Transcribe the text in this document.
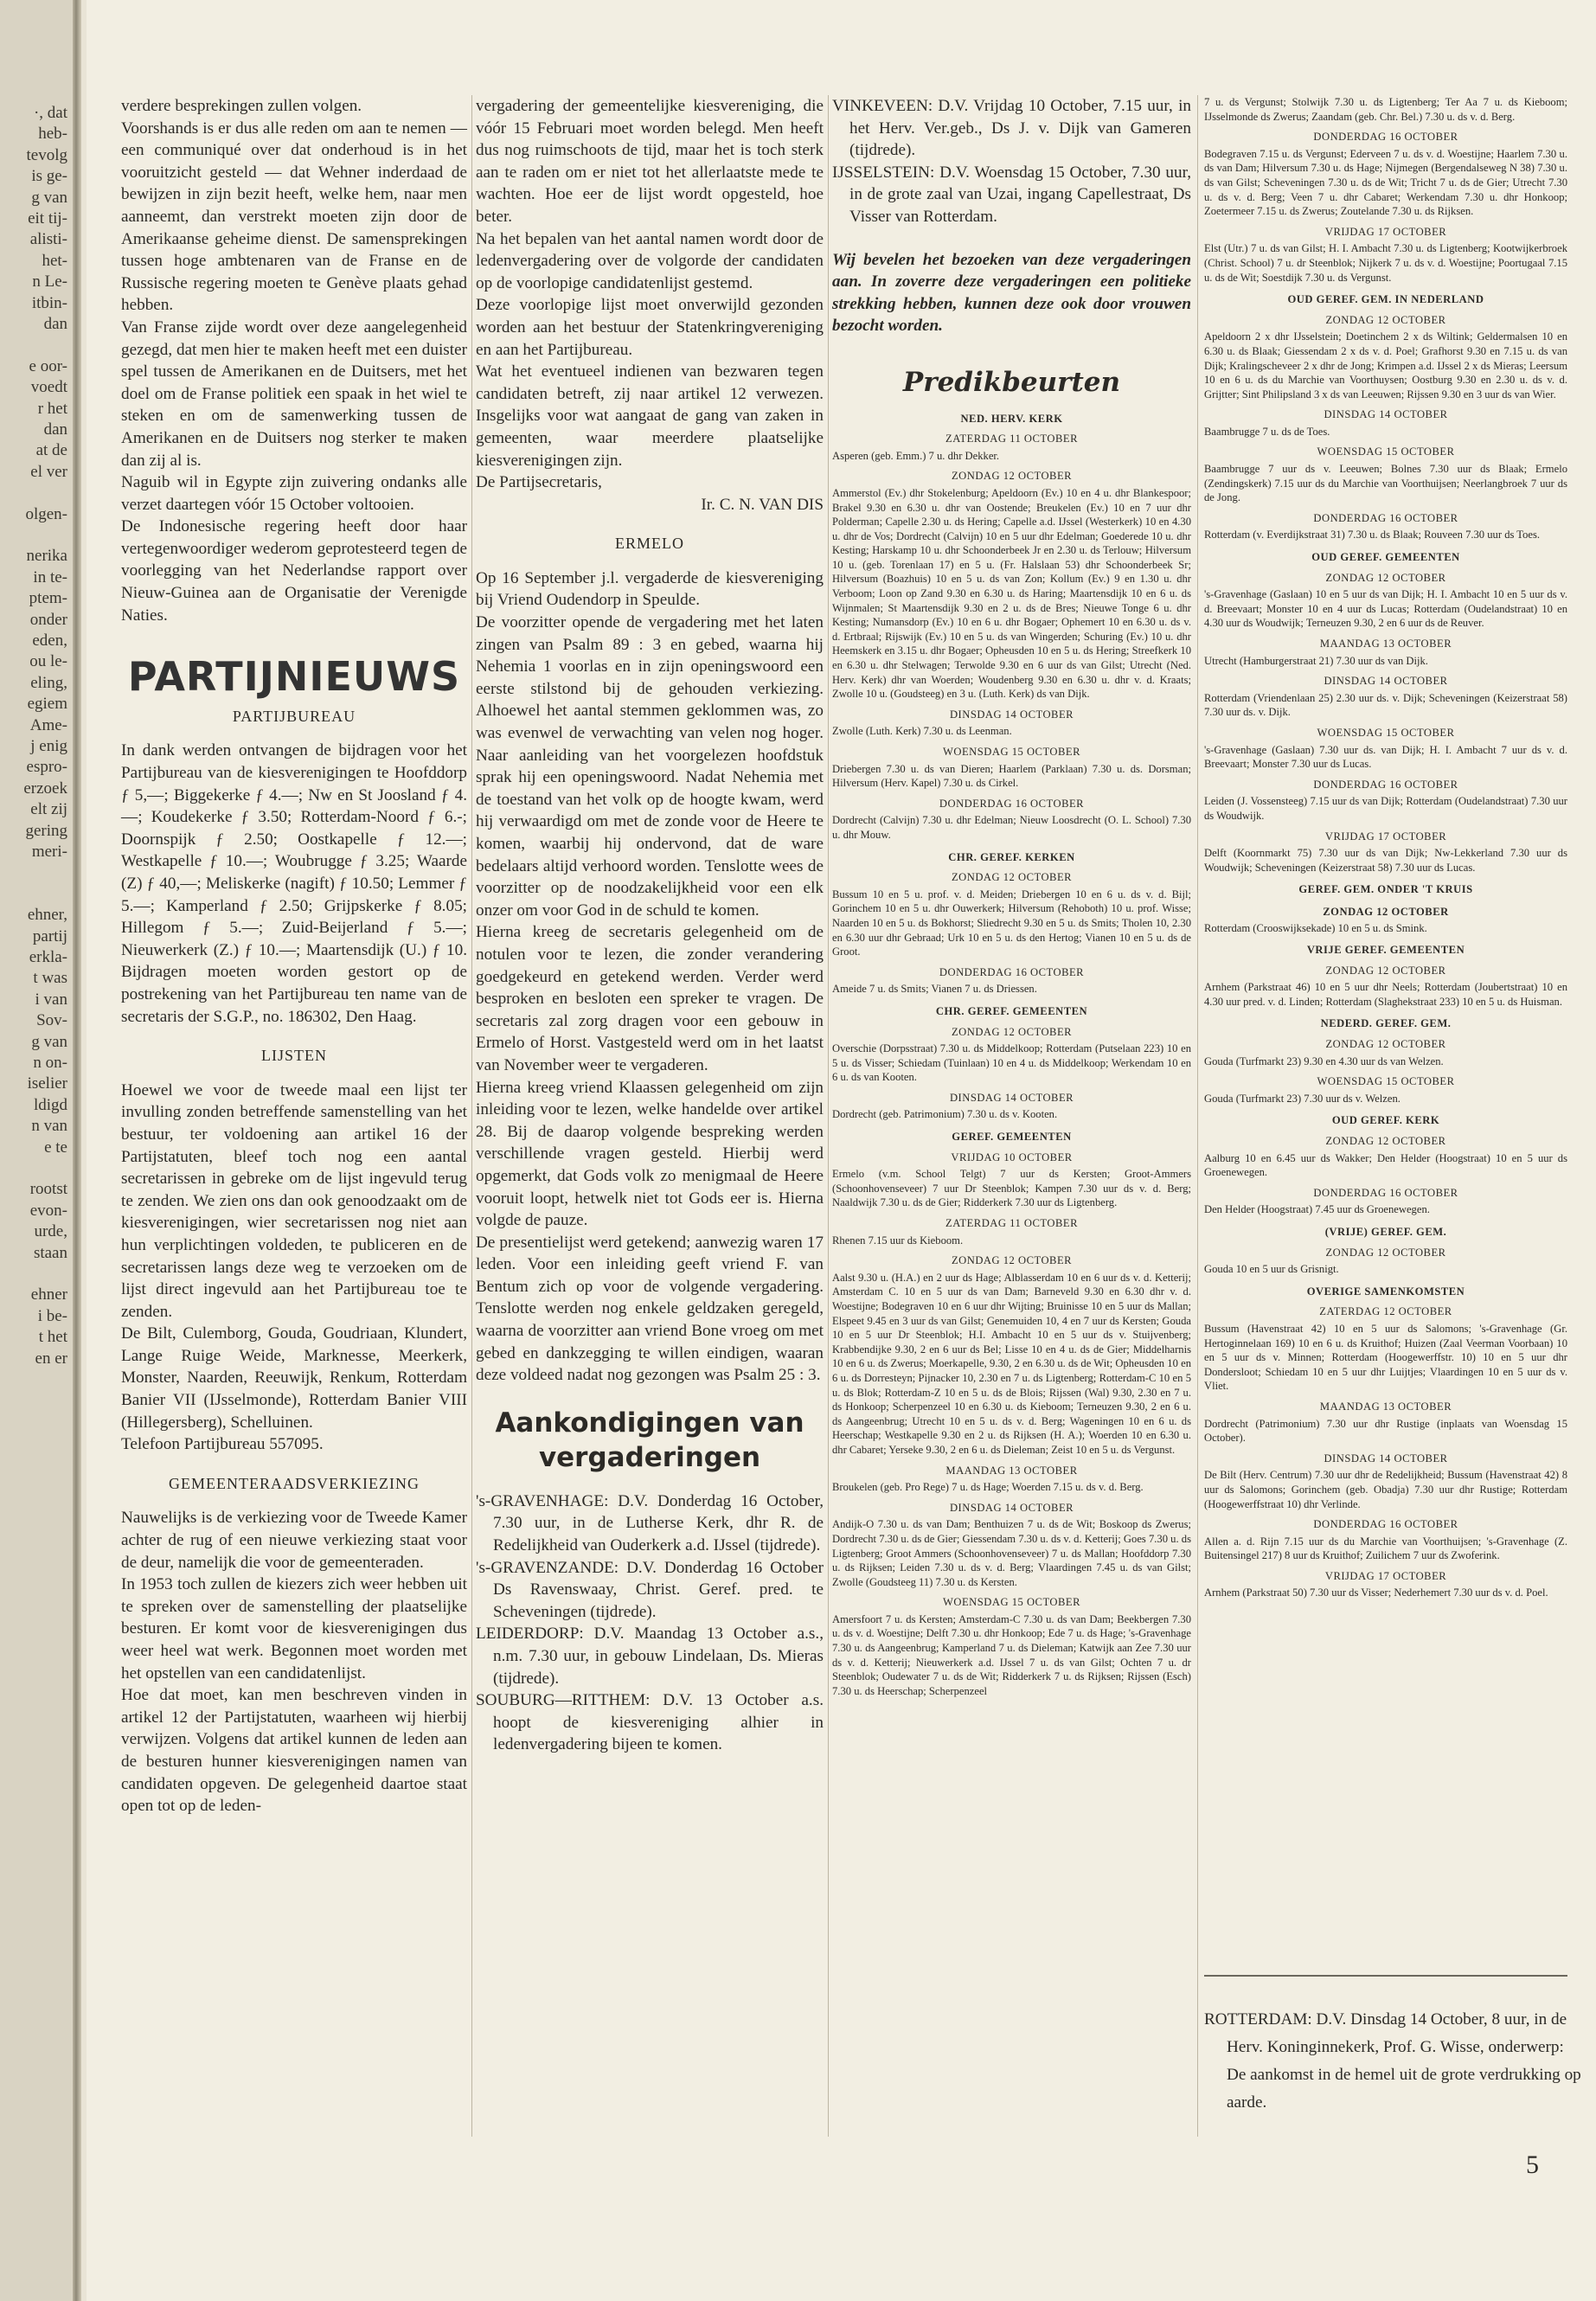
·, dat
heb-
tevolg
is ge-
g van
eit tij-
alisti-
het-
n Le-
itbin-
dan
e oor-
voedt
r het
dan
at de
el ver
olgen-
nerika
in te-
ptem-
onder
eden,
ou le-
eling,
egiem
Ame-
j enig
espro-
erzoek
elt zij
gering
meri-
ehner,
partij
erkla-
t was
i van
Sov-
g van
n on-
iselier
ldigd
n van
e te
rootst
evon-
urde,
staan
ehner
i be-
t het
en er

verdere besprekingen zullen volgen.

Voorshands is er dus alle reden om aan te nemen — een communiqué over dat onderhoud is in het vooruitzicht gesteld — dat Wehner inderdaad de bewijzen in zijn bezit heeft, welke hem, naar men aanneemt, dan verstrekt moeten zijn door de Amerikaanse geheime dienst. De samensprekingen tussen hoge ambtenaren van de Franse en de Russische regering moeten te Genève plaats gehad hebben.

Van Franse zijde wordt over deze aangelegenheid gezegd, dat men hier te maken heeft met een duister spel tussen de Amerikanen en de Duitsers, met het doel om de Franse politiek een spaak in het wiel te steken en om de samenwerking tussen de Amerikanen en de Duitsers nog sterker te maken dan zij al is.

Naguib wil in Egypte zijn zuivering ondanks alle verzet daartegen vóór 15 October voltooien.

De Indonesische regering heeft door haar vertegenwoordiger wederom geprotesteerd tegen de voorlegging van het Nederlandse rapport over Nieuw-Guinea aan de Organisatie der Verenigde Naties.

PARTIJNIEUWS
PARTIJBUREAU

In dank werden ontvangen de bijdragen voor het Partijbureau van de kiesverenigingen te Hoofddorp ƒ 5,—; Biggekerke ƒ 4.—; Nw en St Joosland ƒ 4.—; Koudekerke ƒ 3.50; Rotterdam-Noord ƒ 6.-; Doornspijk ƒ 2.50; Oostkapelle ƒ 12.—; Westkapelle ƒ 10.—; Woubrugge ƒ 3.25; Waarde (Z) ƒ 40,—; Meliskerke (nagift) ƒ 10.50; Lemmer ƒ 5.—; Kamperland ƒ 2.50; Grijpskerke ƒ 8.05; Hillegom ƒ 5.—; Zuid-Beijerland ƒ 5.—; Nieuwerkerk (Z.) ƒ 10.—; Maartensdijk (U.) ƒ 10. Bijdragen moeten worden gestort op de postrekening van het Partijbureau ten name van de secretaris der S.G.P., no. 186302, Den Haag.

LIJSTEN

Hoewel we voor de tweede maal een lijst ter invulling zonden betreffende samenstelling van het bestuur, ter voldoening aan artikel 16 der Partijstatuten, bleef toch nog een aantal secretarissen in gebreke om de lijst ingevuld terug te zenden. We zien ons dan ook genoodzaakt om de kiesverenigingen, wier secretarissen nog niet aan hun verplichtingen voldeden, te publiceren en de secretarissen langs deze weg te verzoeken om de lijst direct ingevuld aan het Partijbureau toe te zenden.

De Bilt, Culemborg, Gouda, Goudriaan, Klundert, Lange Ruige Weide, Marknesse, Meerkerk, Monster, Naarden, Reeuwijk, Renkum, Rotterdam Banier VII (IJsselmonde), Rotterdam Banier VIII (Hillegersberg), Schelluinen.

Telefoon Partijbureau 557095.

GEMEENTERAADSVERKIEZING

Nauwelijks is de verkiezing voor de Tweede Kamer achter de rug of een nieuwe verkiezing staat voor de deur, namelijk die voor de gemeenteraden.

In 1953 toch zullen de kiezers zich weer hebben uit te spreken over de samenstelling der plaatselijke besturen. Er komt voor de kiesverenigingen dus weer heel wat werk. Begonnen moet worden met het opstellen van een candidatenlijst.

Hoe dat moet, kan men beschreven vinden in artikel 12 der Partijstatuten, waarheen wij hierbij verwijzen. Volgens dat artikel kunnen de leden aan de besturen hunner kiesverenigingen namen van candidaten opgeven. De gelegenheid daartoe staat open tot op de leden-

vergadering der gemeentelijke kiesvereniging, die vóór 15 Februari moet worden belegd. Men heeft dus nog ruimschoots de tijd, maar het is toch sterk aan te raden om er niet tot het allerlaatste mede te wachten. Hoe eer de lijst wordt opgesteld, hoe beter.

Na het bepalen van het aantal namen wordt door de ledenvergadering over de volgorde der candidaten op de voorlopige candidatenlijst gestemd.

Deze voorlopige lijst moet onverwijld gezonden worden aan het bestuur der Statenkringvereniging en aan het Partijbureau.

Wat het eventueel indienen van bezwaren tegen candidaten betreft, zij naar artikel 12 verwezen. Insgelijks voor wat aangaat de gang van zaken in gemeenten, waar meerdere plaatselijke kiesverenigingen zijn.

De Partijsecretaris,

Ir. C. N. VAN DIS

ERMELO

Op 16 September j.l. vergaderde de kiesvereniging bij Vriend Oudendorp in Speulde.

De voorzitter opende de vergadering met het laten zingen van Psalm 89 : 3 en gebed, waarna hij Nehemia 1 voorlas en in zijn openingswoord een eerste stilstond bij de gehouden verkiezing. Alhoewel het aantal stemmen geklommen was, zo was evenwel de verwachting van velen nog hoger. Naar aanleiding van het voorgelezen hoofdstuk sprak hij een openingswoord. Nadat Nehemia met de toestand van het volk op de hoogte kwam, werd hij verwaardigd om met de zonde voor de Heere te komen, waarbij hij ondervond, dat de ware bedelaars altijd verhoord worden. Tenslotte wees de voorzitter op de noodzakelijkheid voor een elk onzer om voor God in de schuld te komen.

Hierna kreeg de secretaris gelegenheid om de notulen voor te lezen, die zonder verandering goedgekeurd en getekend werden. Verder werd besproken en besloten een spreker te vragen. De secretaris zal zorg dragen voor een gebouw in Ermelo of Horst. Vastgesteld werd om in het laatst van November weer te vergaderen.

Hierna kreeg vriend Klaassen gelegenheid om zijn inleiding voor te lezen, welke handelde over artikel 28. Bij de daarop volgende bespreking werden verschillende vragen gesteld. Hierbij werd opgemerkt, dat Gods volk zo menigmaal de Heere vooruit loopt, hetwelk niet tot Gods eer is. Hierna volgde de pauze.

De presentielijst werd getekend; aanwezig waren 17 leden. Voor een inleiding geeft vriend F. van Bentum zich op voor de volgende vergadering. Tenslotte werden nog enkele geldzaken geregeld, waarna de voorzitter aan vriend Bone vroeg om met gebed en dankzegging te willen eindigen, waaran deze voldeed nadat nog gezongen was Psalm 25 : 3.

Aankondigingen van vergaderingen

's-GRAVENHAGE: D.V. Donderdag 16 October, 7.30 uur, in de Lutherse Kerk, dhr R. de Redelijkheid van Ouderkerk a.d. IJssel (tijdrede).

's-GRAVENZANDE: D.V. Donderdag 16 October Ds Ravenswaay, Christ. Geref. pred. te Scheveningen (tijdrede).

LEIDERDORP: D.V. Maandag 13 October a.s., n.m. 7.30 uur, in gebouw Lindelaan, Ds. Mieras (tijdrede).

SOUBURG—RITTHEM: D.V. 13 October a.s. hoopt de kiesvereniging alhier in ledenvergadering bijeen te komen.

VINKEVEEN: D.V. Vrijdag 10 October, 7.15 uur, in het Herv. Ver.geb., Ds J. v. Dijk van Gameren (tijdrede).

IJSSELSTEIN: D.V. Woensdag 15 October, 7.30 uur, in de grote zaal van Uzai, ingang Capellestraat, Ds Visser van Rotterdam.

Wij bevelen het bezoeken van deze vergaderingen aan. In zoverre deze vergaderingen een politieke strekking hebben, kunnen deze ook door vrouwen bezocht worden.

Predikbeurten
NED. HERV. KERK
ZATERDAG 11 OCTOBER

Asperen (geb. Emm.) 7 u. dhr Dekker.

ZONDAG 12 OCTOBER

Ammerstol (Ev.) dhr Stokelenburg; Apeldoorn (Ev.) 10 en 4 u. dhr Blankespoor; Brakel 9.30 en 6.30 u. dhr van Oostende; Breukelen (Ev.) 10 en 7 uur dhr Polderman; Capelle 2.30 u. ds Hering; Capelle a.d. IJssel (Westerkerk) 10 en 4.30 u. dhr de Vos; Dordrecht (Calvijn) 10 en 5 uur dhr Edelman; Goederede 10 u. dhr Kesting; Harskamp 10 u. dhr Schoonderbeek Jr en 2.30 u. ds Terlouw; Hilversum 10 u. (geb. Torenlaan 17) en 5 u. (Fr. Halslaan 53) dhr Schoonderbeek Sr; Hilversum (Boazhuis) 10 en 5 u. ds van Zon; Kollum (Ev.) 9 en 1.30 u. dhr Verboom; Loon op Zand 9.30 en 6.30 u. ds Haring; Maartensdijk 10 en 6 u. ds Wijnmalen; St Maartensdijk 9.30 en 2 u. ds de Bres; Nieuwe Tonge 6 u. dhr Kesting; Numansdorp (Ev.) 10 en 6 u. dhr Bogaer; Ophemert 10 en 6.30 u. ds v. d. Ertbraal; Rijswijk (Ev.) 10 en 5 u. ds van Wingerden; Schuring (Ev.) 10 u. dhr Heemskerk en 3.15 u. dhr Bogaer; Opheusden 10 en 5 u. ds Hering; Streefkerk 10 en 6.30 u. dhr Stelwagen; Terwolde 9.30 en 6 uur ds van Gilst; Utrecht (Ned. Herv. Kerk) dhr van Woerden; Woudenberg 9.30 en 6.30 u. dhr v. d. Kraats; Zwolle 10 u. (Goudsteeg) en 3 u. (Luth. Kerk) ds van Dijk.

DINSDAG 14 OCTOBER

Zwolle (Luth. Kerk) 7.30 u. ds Leenman.

WOENSDAG 15 OCTOBER

Driebergen 7.30 u. ds van Dieren; Haarlem (Parklaan) 7.30 u. ds. Dorsman; Hilversum (Herv. Kapel) 7.30 u. ds Cirkel.

DONDERDAG 16 OCTOBER

Dordrecht (Calvijn) 7.30 u. dhr Edelman; Nieuw Loosdrecht (O. L. School) 7.30 u. dhr Mouw.

CHR. GEREF. KERKEN
ZONDAG 12 OCTOBER

Bussum 10 en 5 u. prof. v. d. Meiden; Driebergen 10 en 6 u. ds v. d. Bijl; Gorinchem 10 en 5 u. dhr Ouwerkerk; Hilversum (Rehoboth) 10 u. prof. Wisse; Naarden 10 en 5 u. ds Bokhorst; Sliedrecht 9.30 en 5 u. ds Smits; Tholen 10, 2.30 en 6.30 uur dhr Gebraad; Urk 10 en 5 u. ds den Hertog; Vianen 10 en 5 u. ds de Groot.

DONDERDAG 16 OCTOBER

Ameide 7 u. ds Smits; Vianen 7 u. ds Driessen.

CHR. GEREF. GEMEENTEN
ZONDAG 12 OCTOBER

Overschie (Dorpsstraat) 7.30 u. ds Middelkoop; Rotterdam (Putselaan 223) 10 en 5 u. ds Visser; Schiedam (Tuinlaan) 10 en 4 u. ds Middelkoop; Werkendam 10 en 6 u. ds van Kooten.

DINSDAG 14 OCTOBER

Dordrecht (geb. Patrimonium) 7.30 u. ds v. Kooten.

GEREF. GEMEENTEN
VRIJDAG 10 OCTOBER

Ermelo (v.m. School Telgt) 7 uur ds Kersten; Groot-Ammers (Schoonhovenseveer) 7 uur Dr Steenblok; Kampen 7.30 uur ds v. d. Berg; Naaldwijk 7.30 u. ds de Gier; Ridderkerk 7.30 uur ds Ligtenberg.

ZATERDAG 11 OCTOBER

Rhenen 7.15 uur ds Kieboom.

ZONDAG 12 OCTOBER

Aalst 9.30 u. (H.A.) en 2 uur ds Hage; Alblasserdam 10 en 6 uur ds v. d. Ketterij; Amsterdam C. 10 en 5 uur ds van Dam; Barneveld 9.30 en 6.30 dhr v. d. Woestijne; Bodegraven 10 en 6 uur dhr Wijting; Bruinisse 10 en 5 uur ds Mallan; Elspeet 9.45 en 3 uur ds van Gilst; Genemuiden 10, 4 en 7 uur ds Kersten; Gouda 10 en 5 uur Dr Steenblok; H.I. Ambacht 10 en 5 uur ds v. Stuijvenberg; Krabbendijke 9.30, 2 en 6 uur ds Bel; Lisse 10 en 4 u. ds de Gier; Middelharnis 10 en 6 u. ds Zwerus; Moerkapelle, 9.30, 2 en 6.30 u. ds de Wit; Opheusden 10 en 6 u. ds Dorresteyn; Pijnacker 10, 2.30 en 7 u. ds Ligtenberg; Rotterdam-C 10 en 5 u. ds Blok; Rotterdam-Z 10 en 5 u. ds de Blois; Rijssen (Wal) 9.30, 2.30 en 7 u. ds Honkoop; Scherpenzeel 10 en 6.30 u. ds Kieboom; Terneuzen 9.30, 2 en 6 u. ds Aangeenbrug; Utrecht 10 en 5 u. ds v. d. Berg; Wageningen 10 en 6 u. ds Heerschap; Westkapelle 9.30 en 2 u. ds Rijksen (H. A.); Woerden 10 en 6.30 u. dhr Cabaret; Yerseke 9.30, 2 en 6 u. ds Dieleman; Zeist 10 en 5 u. ds Vergunst.

MAANDAG 13 OCTOBER

Broukelen (geb. Pro Rege) 7 u. ds Hage; Woerden 7.15 u. ds v. d. Berg.

DINSDAG 14 OCTOBER

Andijk-O 7.30 u. ds van Dam; Benthuizen 7 u. ds de Wit; Boskoop ds Zwerus; Dordrecht 7.30 u. ds de Gier; Giessendam 7.30 u. ds v. d. Ketterij; Goes 7.30 u. ds Ligtenberg; Groot Ammers (Schoonhovenseveer) 7 u. ds Mallan; Hoofddorp 7.30 u. ds Rijksen; Leiden 7.30 u. ds v. d. Berg; Vlaardingen 7.45 u. ds van Gilst; Zwolle (Goudsteeg 11) 7.30 u. ds Kersten.

WOENSDAG 15 OCTOBER

Amersfoort 7 u. ds Kersten; Amsterdam-C 7.30 u. ds van Dam; Beekbergen 7.30 u. ds v. d. Woestijne; Delft 7.30 u. dhr Honkoop; Ede 7 u. ds Hage; 's-Gravenhage 7.30 u. ds Aangeenbrug; Kamperland 7 u. ds Dieleman; Katwijk aan Zee 7.30 uur ds v. d. Ketterij; Nieuwerkerk a.d. IJssel 7 u. ds van Gilst; Ochten 7 u. dr Steenblok; Oudewater 7 u. ds de Wit; Ridderkerk 7 u. ds Rijksen; Rijssen (Esch) 7.30 u. ds Heerschap; Scherpenzeel

7 u. ds Vergunst; Stolwijk 7.30 u. ds Ligtenberg; Ter Aa 7 u. ds Kieboom; IJsselmonde ds Zwerus; Zaandam (geb. Chr. Bel.) 7.30 u. ds v. d. Berg.

DONDERDAG 16 OCTOBER

Bodegraven 7.15 u. ds Vergunst; Ederveen 7 u. ds v. d. Woestijne; Haarlem 7.30 u. ds van Dam; Hilversum 7.30 u. ds Hage; Nijmegen (Bergendalseweg N 38) 7.30 u. ds van Gilst; Scheveningen 7.30 u. ds de Wit; Tricht 7 u. ds de Gier; Utrecht 7.30 u. ds v. d. Berg; Veen 7 u. dhr Cabaret; Werkendam 7.30 u. dhr Honkoop; Zoetermeer 7.15 u. ds Zwerus; Zoutelande 7.30 u. ds Rijksen.

VRIJDAG 17 OCTOBER

Elst (Utr.) 7 u. ds van Gilst; H. I. Ambacht 7.30 u. ds Ligtenberg; Kootwijkerbroek (Christ. School) 7 u. dr Steenblok; Nijkerk 7 u. ds v. d. Woestijne; Poortugaal 7.15 u. ds de Wit; Soestdijk 7.30 u. ds Vergunst.

OUD GEREF. GEM. IN NEDERLAND
ZONDAG 12 OCTOBER

Apeldoorn 2 x dhr IJsselstein; Doetinchem 2 x ds Wiltink; Geldermalsen 10 en 6.30 u. ds Blaak; Giessendam 2 x ds v. d. Poel; Grafhorst 9.30 en 7.15 u. ds van Dijk; Kralingscheveer 2 x dhr de Jong; Krimpen a.d. IJssel 2 x ds Mieras; Leersum 10 en 6 u. ds du Marchie van Voorthuysen; Oostburg 9.30 en 2.30 u. ds v. d. Grijtter; Sint Philipsland 3 x ds van Leeuwen; Rijssen 9.30 en 3 uur ds van Wier.

DINSDAG 14 OCTOBER

Baambrugge 7 u. ds de Toes.

WOENSDAG 15 OCTOBER

Baambrugge 7 uur ds v. Leeuwen; Bolnes 7.30 uur ds Blaak; Ermelo (Zendingskerk) 7.15 uur ds du Marchie van Voorthuijsen; Neerlangbroek 7 uur ds de Jong.

DONDERDAG 16 OCTOBER

Rotterdam (v. Everdijkstraat 31) 7.30 u. ds Blaak; Rouveen 7.30 uur ds Toes.

OUD GEREF. GEMEENTEN
ZONDAG 12 OCTOBER

's-Gravenhage (Gaslaan) 10 en 5 uur ds van Dijk; H. I. Ambacht 10 en 5 uur ds v. d. Breevaart; Monster 10 en 4 uur ds Lucas; Rotterdam (Oudelandstraat) 10 en 4.30 uur ds Woudwijk; Terneuzen 9.30, 2 en 6 uur ds de Reuver.

MAANDAG 13 OCTOBER

Utrecht (Hamburgerstraat 21) 7.30 uur ds van Dijk.

DINSDAG 14 OCTOBER

Rotterdam (Vriendenlaan 25) 2.30 uur ds. v. Dijk; Scheveningen (Keizerstraat 58) 7.30 uur ds. v. Dijk.

WOENSDAG 15 OCTOBER

's-Gravenhage (Gaslaan) 7.30 uur ds. van Dijk; H. I. Ambacht 7 uur ds v. d. Breevaart; Monster 7.30 uur ds Lucas.

DONDERDAG 16 OCTOBER

Leiden (J. Vossensteeg) 7.15 uur ds van Dijk; Rotterdam (Oudelandstraat) 7.30 uur ds Woudwijk.

VRIJDAG 17 OCTOBER

Delft (Koornmarkt 75) 7.30 uur ds van Dijk; Nw-Lekkerland 7.30 uur ds Woudwijk; Scheveningen (Keizerstraat 58) 7.30 uur ds Lucas.

GEREF. GEM. ONDER 'T KRUIS
ZONDAG 12 OCTOBER

Rotterdam (Crooswijksekade) 10 en 5 u. ds Smink.

VRIJE GEREF. GEMEENTEN
ZONDAG 12 OCTOBER

Arnhem (Parkstraat 46) 10 en 5 uur dhr Neels; Rotterdam (Joubertstraat) 10 en 4.30 uur pred. v. d. Linden; Rotterdam (Slaghekstraat 233) 10 en 5 u. ds Huisman.

NEDERD. GEREF. GEM.
ZONDAG 12 OCTOBER

Gouda (Turfmarkt 23) 9.30 en 4.30 uur ds van Welzen.

WOENSDAG 15 OCTOBER

Gouda (Turfmarkt 23) 7.30 uur ds v. Welzen.

OUD GEREF. KERK
ZONDAG 12 OCTOBER

Aalburg 10 en 6.45 uur ds Wakker; Den Helder (Hoogstraat) 10 en 5 uur ds Groenewegen.

DONDERDAG 16 OCTOBER

Den Helder (Hoogstraat) 7.45 uur ds Groenewegen.

(VRIJE) GEREF. GEM.
ZONDAG 12 OCTOBER

Gouda 10 en 5 uur ds Grisnigt.

OVERIGE SAMENKOMSTEN
ZATERDAG 12 OCTOBER

Bussum (Havenstraat 42) 10 en 5 uur ds Salomons; 's-Gravenhage (Gr. Hertoginnelaan 169) 10 en 6 u. ds Kruithof; Huizen (Zaal Veerman Voorbaan) 10 en 5 uur ds v. Minnen; Rotterdam (Hoogewerffstr. 10) 10 en 5 uur dhr Dondersloot; Schiedam 10 en 5 uur dhr Luijtjes; Vlaardingen 10 en 5 uur ds v. Vliet.

MAANDAG 13 OCTOBER

Dordrecht (Patrimonium) 7.30 uur dhr Rustige (inplaats van Woensdag 15 October).

DINSDAG 14 OCTOBER

De Bilt (Herv. Centrum) 7.30 uur dhr de Redelijkheid; Bussum (Havenstraat 42) 8 uur ds Salomons; Gorinchem (geb. Obadja) 7.30 uur dhr Rustige; Rotterdam (Hoogewerffstraat 10) dhr Verlinde.

DONDERDAG 16 OCTOBER

Allen a. d. Rijn 7.15 uur ds du Marchie van Voorthuijsen; 's-Gravenhage (Z. Buitensingel 217) 8 uur ds Kruithof; Zuilichem 7 uur ds Zwoferink.

VRIJDAG 17 OCTOBER

Arnhem (Parkstraat 50) 7.30 uur ds Visser; Nederhemert 7.30 uur ds v. d. Poel.

ROTTERDAM: D.V. Dinsdag 14 October, 8 uur, in de Herv. Koninginnekerk, Prof. G. Wisse, onderwerp: De aankomst in de hemel uit de grote verdrukking op aarde.

5
